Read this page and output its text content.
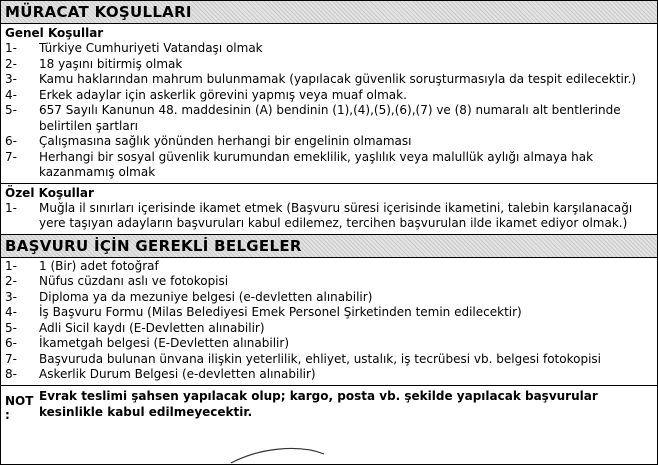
MÜRACAT KOŞULLARI
Genel Koşullar
1-	Türkiye Cumhuriyeti Vatandaşı olmak
2-	18 yaşını bitirmiş olmak
3-	Kamu haklarından mahrum bulunmamak (yapılacak güvenlik soruşturmasıyla da tespit edilecektir.)
4-	Erkek adaylar için askerlik görevini yapmış veya muaf olmak.
5-	657 Sayılı Kanunun 48. maddesinin (A) bendinin (1),(4),(5),(6),(7) ve (8) numaralı alt bentlerinde belirtilen şartları
6-	Çalışmasına sağlık yönünden herhangi bir engelinin olmaması
7-	Herhangi bir sosyal güvenlik kurumundan emeklilik, yaşlılık veya malullük aylığı almaya hak kazanmamış olmak
Özel Koşullar
1-	Muğla il sınırları içerisinde ikamet etmek (Başvuru süresi içerisinde ikametini, talebin karşılanacağı yere taşıyan adayların başvuruları kabul edilemez, tercihen başvurulan ilde ikamet ediyor olmak.)
BAŞVURU İÇİN GEREKLİ BELGELER
1-	1 (Bir) adet fotoğraf
2-	Nüfus cüzdanı aslı ve fotokopisi
3-	Diploma ya da mezuniye belgesi (e-devletten alınabilir)
4-	İş Başvuru Formu (Milas Belediyesi Emek Personel Şirketinden temin edilecektir)
5-	Adli Sicil kaydı (E-Devletten alınabilir)
6-	İkametgah belgesi (E-Devletten alınabilir)
7-	Başvuruda bulunan ünvana ilişkin yeterlilik, ehliyet, ustalık, iş tecrübesi vb. belgesi fotokopisi
8-	Askerlik Durum Belgesi (e-devletten alınabilir)
NOT :
Evrak teslimi şahsen yapılacak olup; kargo, posta vb. şekilde yapılacak başvurular kesinlikle kabul edilmeyecektir.
